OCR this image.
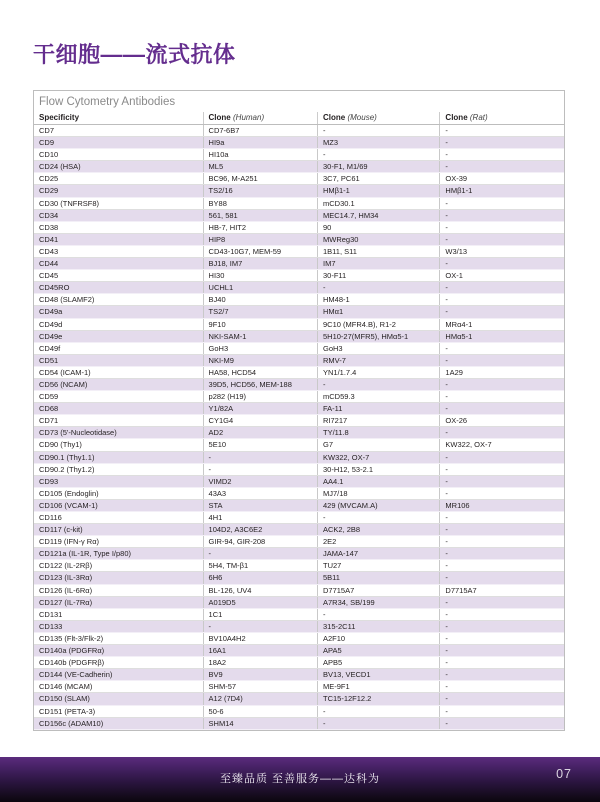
干细胞——流式抗体
Flow Cytometry Antibodies
Specificity	Clone (Human)	Clone (Mouse)	Clone (Rat)
CD7	CD7-6B7	-	-
CD9	HI9a	MZ3	-
CD10	HI10a	-	-
CD24 (HSA)	ML5	30-F1, M1/69	-
CD25	BC96, M-A251	3C7, PC61	OX-39
CD29	TS2/16	HMβ1-1	HMβ1-1
CD30 (TNFRSF8)	BY88	mCD30.1	-
CD34	561, 581	MEC14.7, HM34	-
CD38	HB-7, HIT2	90	-
CD41	HIP8	MWReg30	-
CD43	CD43-10G7, MEM-59	1B11, S11	W3/13
CD44	BJ18, IM7	IM7	-
CD45	HI30	30-F11	OX-1
CD45RO	UCHL1	-	-
CD48 (SLAMF2)	BJ40	HM48-1	-
CD49a	TS2/7	HMα1	-
CD49d	9F10	9C10 (MFR4.B), R1-2	MRα4-1
CD49e	NKI-SAM-1	5H10-27(MFR5), HMα5-1	HMα5-1
CD49f	GoH3	GoH3	-
CD51	NKI-M9	RMV-7	-
CD54 (ICAM-1)	HA58, HCD54	YN1/1.7.4	1A29
CD56 (NCAM)	39D5, HCD56, MEM-188	-	-
CD59	p282 (H19)	mCD59.3	-
CD68	Y1/82A	FA-11	-
CD71	CY1G4	RI7217	OX-26
CD73 (5'-Nucleotidase)	AD2	TY/11.8	-
CD90 (Thy1)	5E10	G7	KW322, OX-7
CD90.1 (Thy1.1)	-	KW322, OX-7	-
CD90.2 (Thy1.2)	-	30-H12, 53-2.1	-
CD93	VIMD2	AA4.1	-
CD105 (Endoglin)	43A3	MJ7/18	-
CD106 (VCAM-1)	STA	429 (MVCAM.A)	MR106
CD116	4H1	-	-
CD117 (c-kit)	104D2, A3C6E2	ACK2, 2B8	-
CD119 (IFN-γ Rα)	GIR-94, GIR-208	2E2	-
CD121a (IL-1R, Type I/p80)	-	JAMA-147	-
CD122 (IL-2Rβ)	5H4, TM-β1	TU27	-
CD123 (IL-3Rα)	6H6	5B11	-
CD126 (IL-6Rα)	BL-126, UV4	D7715A7	D7715A7
CD127 (IL-7Rα)	A019D5	A7R34, SB/199	-
CD131	1C1	-	-
CD133	-	315-2C11	-
CD135 (Flt-3/Flk-2)	BV10A4H2	A2F10	-
CD140a (PDGFRα)	16A1	APA5	-
CD140b (PDGFRβ)	18A2	APB5	-
CD144 (VE-Cadherin)	BV9	BV13, VECD1	-
CD146 (MCAM)	SHM-57	ME-9F1	-
CD150 (SLAM)	A12 (7D4)	TC15-12F12.2	-
CD151 (PETA-3)	50-6	-	-
CD156c (ADAM10)	SHM14	-	-
至臻品质 至善服务——达科为	07
